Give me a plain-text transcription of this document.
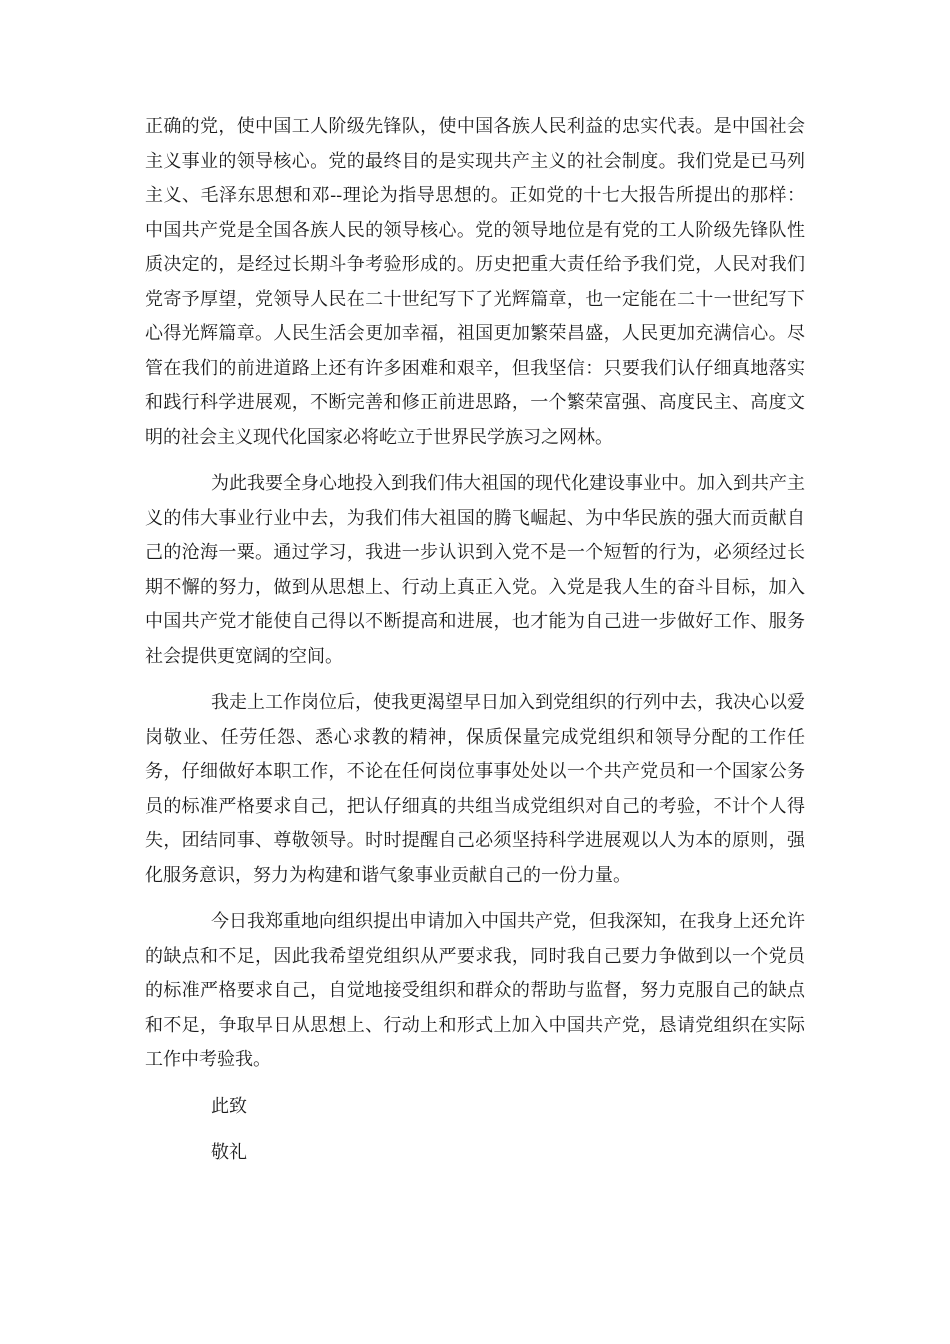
正确的党，使中国工人阶级先锋队，使中国各族人民利益的忠实代表。是中国社会主义事业的领导核心。党的最终目的是实现共产主义的社会制度。我们党是已马列主义、毛泽东思想和邓--理论为指导思想的。正如党的十七大报告所提出的那样：中国共产党是全国各族人民的领导核心。党的领导地位是有党的工人阶级先锋队性质决定的，是经过长期斗争考验形成的。历史把重大责任给予我们党，人民对我们党寄予厚望，党领导人民在二十世纪写下了光辉篇章，也一定能在二十一世纪写下心得光辉篇章。人民生活会更加幸福，祖国更加繁荣昌盛，人民更加充满信心。尽管在我们的前进道路上还有许多困难和艰辛，但我坚信：只要我们认仔细真地落实和践行科学进展观，不断完善和修正前进思路，一个繁荣富强、高度民主、高度文明的社会主义现代化国家必将屹立于世界民学族习之网林。

为此我要全身心地投入到我们伟大祖国的现代化建设事业中。加入到共产主义的伟大事业行业中去，为我们伟大祖国的腾飞崛起、为中华民族的强大而贡献自己的沧海一粟。通过学习，我进一步认识到入党不是一个短暂的行为，必须经过长期不懈的努力，做到从思想上、行动上真正入党。入党是我人生的奋斗目标，加入中国共产党才能使自己得以不断提高和进展，也才能为自己进一步做好工作、服务社会提供更宽阔的空间。

我走上工作岗位后，使我更渴望早日加入到党组织的行列中去，我决心以爱岗敬业、任劳任怨、悉心求教的精神，保质保量完成党组织和领导分配的工作任务，仔细做好本职工作，不论在任何岗位事事处处以一个共产党员和一个国家公务员的标准严格要求自己，把认仔细真的共组当成党组织对自己的考验，不计个人得失，团结同事、尊敬领导。时时提醒自己必须坚持科学进展观以人为本的原则，强化服务意识，努力为构建和谐气象事业贡献自己的一份力量。

今日我郑重地向组织提出申请加入中国共产党，但我深知，在我身上还允许的缺点和不足，因此我希望党组织从严要求我，同时我自己要力争做到以一个党员的标准严格要求自己，自觉地接受组织和群众的帮助与监督，努力克服自己的缺点和不足，争取早日从思想上、行动上和形式上加入中国共产党，恳请党组织在实际工作中考验我。

此致

敬礼
